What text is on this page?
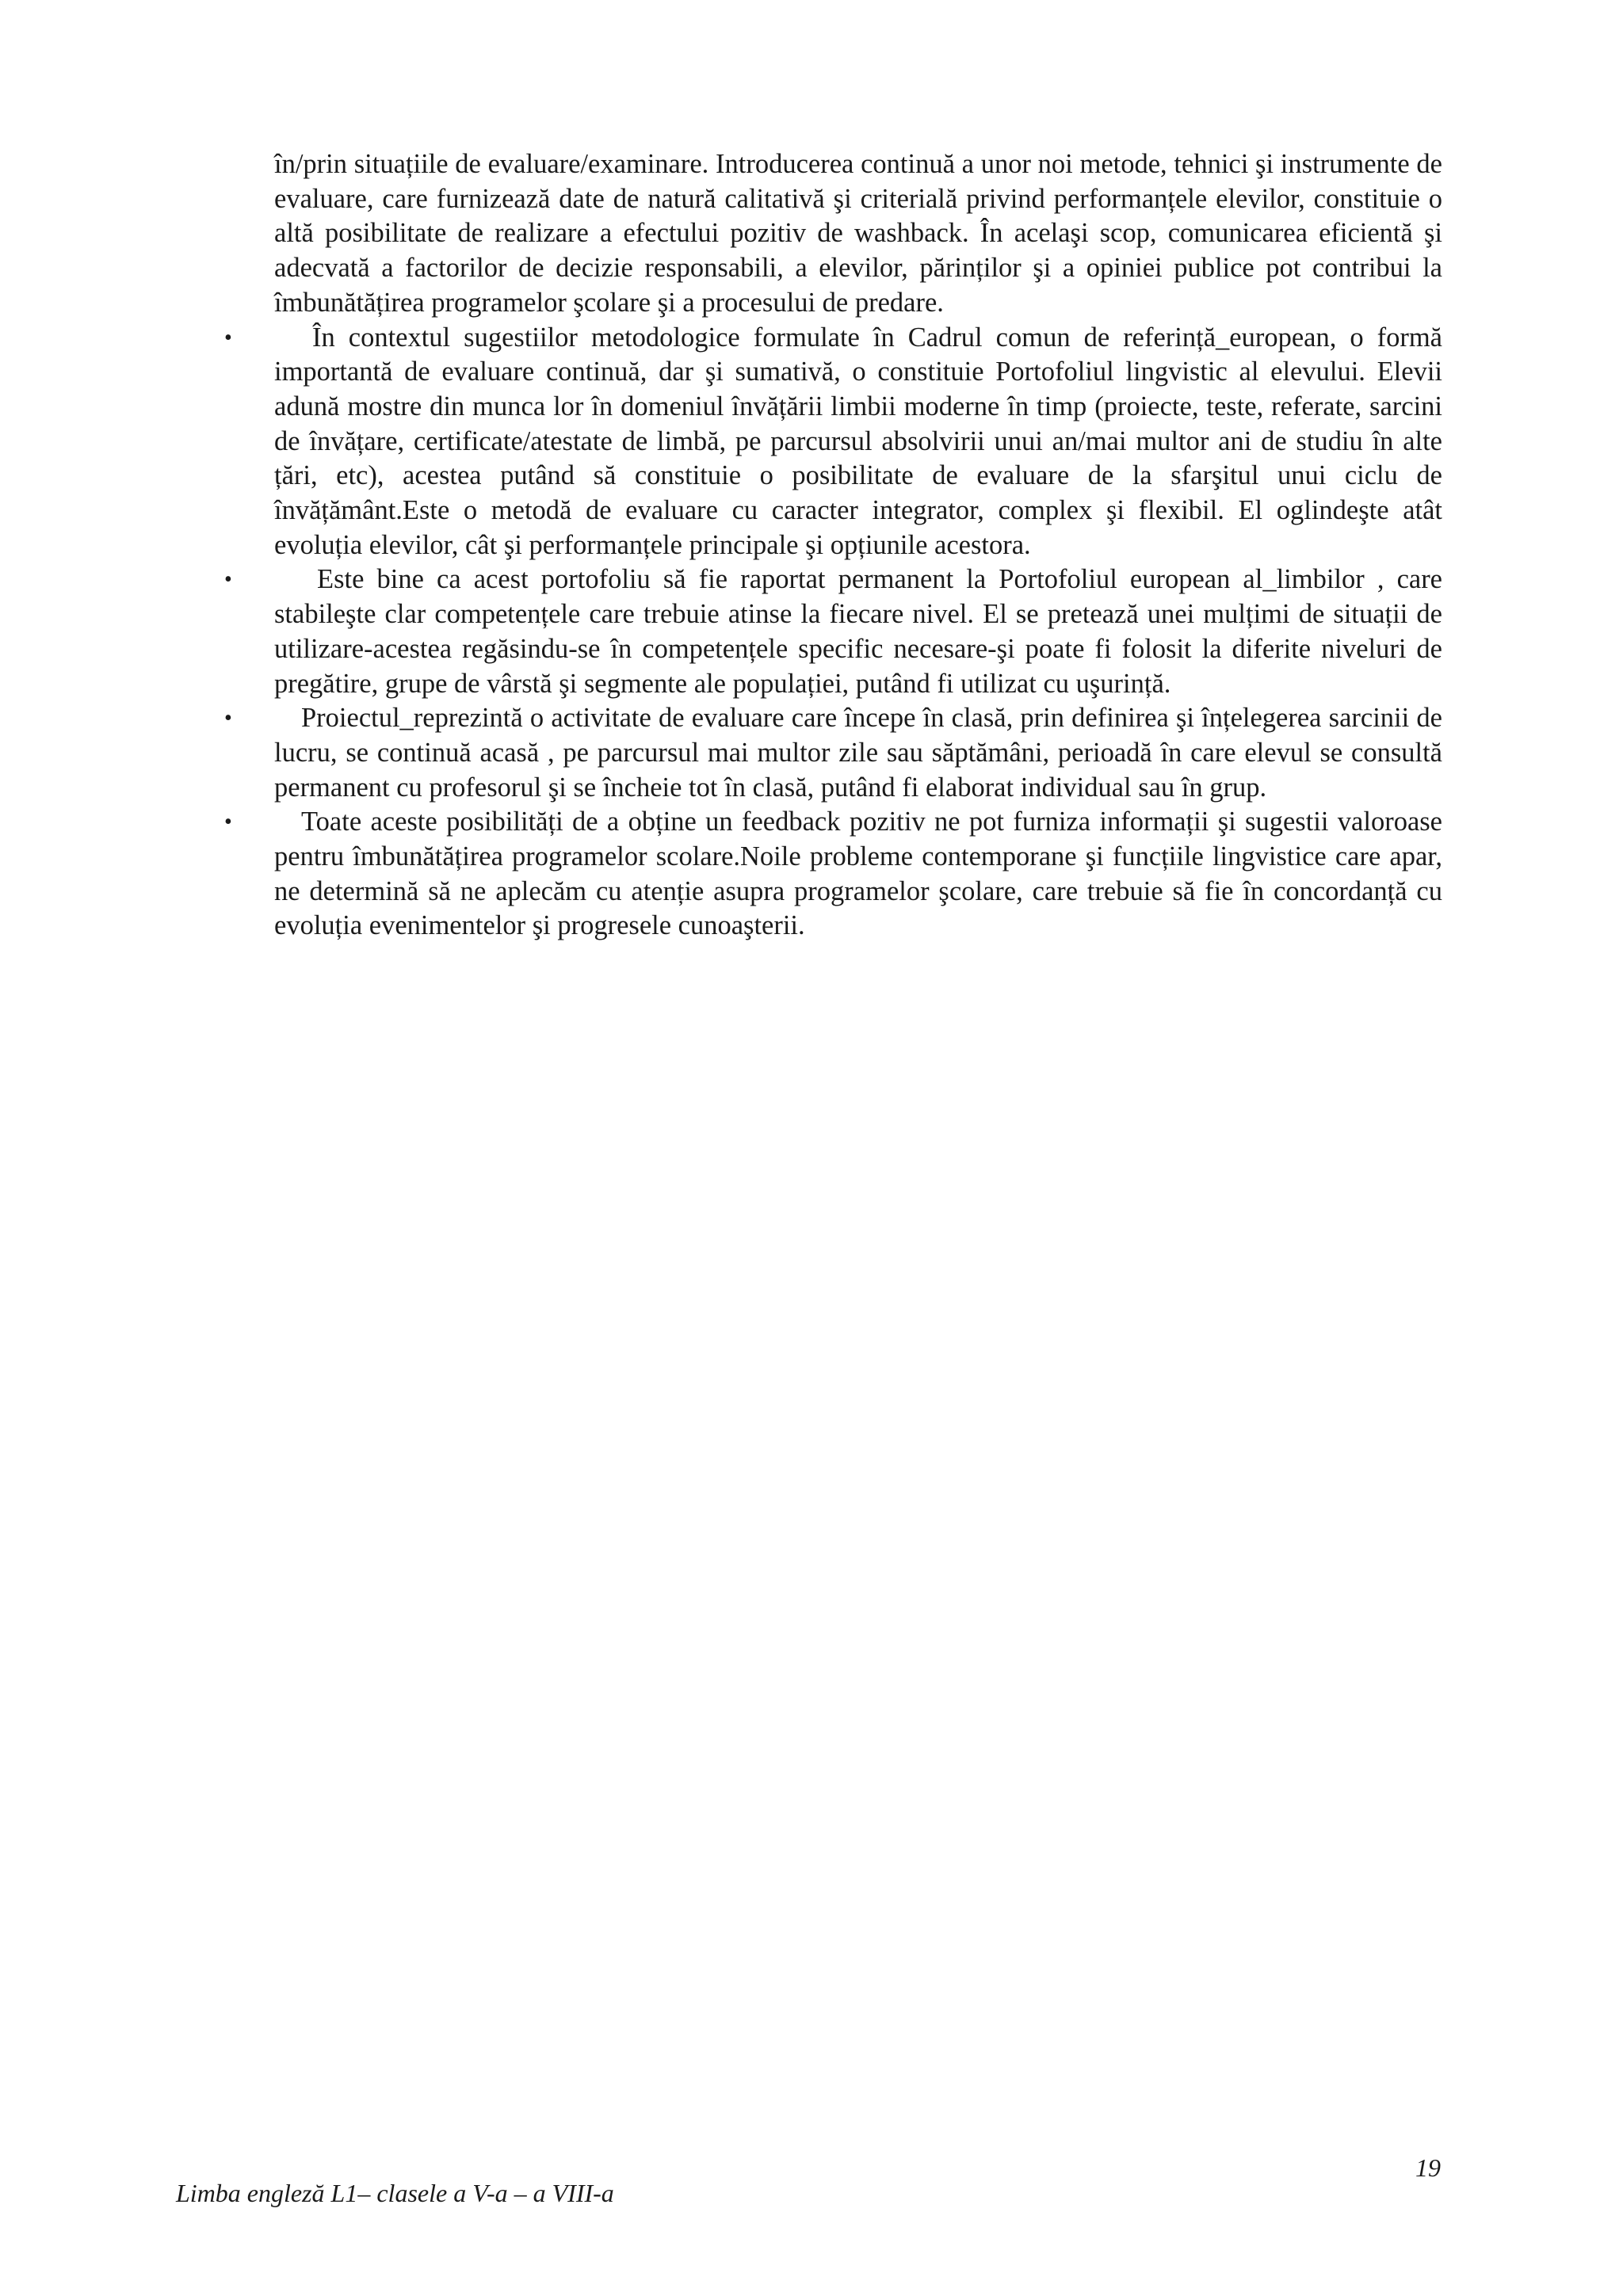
în/prin situațiile de evaluare/examinare. Introducerea continuă a unor noi metode, tehnici şi instrumente de evaluare, care furnizează date de natură calitativă şi criterială privind performanțele elevilor, constituie o altă posibilitate de realizare a efectului pozitiv de washback. În acelaşi scop, comunicarea eficientă şi adecvată a factorilor de decizie responsabili, a elevilor, părinților şi a opiniei publice pot contribui la îmbunătățirea programelor şcolare şi a procesului de predare.

•	În contextul sugestiilor metodologice formulate în Cadrul comun de referință_european, o formă importantă de evaluare continuă, dar şi sumativă, o constituie Portofoliul lingvistic al elevului. Elevii adună mostre din munca lor în domeniul învățării limbii moderne în timp (proiecte, teste, referate, sarcini de învățare, certificate/atestate de limbă, pe parcursul absolvirii unui an/mai multor ani de studiu în alte țări, etc), acestea putând să constituie o posibilitate de evaluare de la sfarşitul unui ciclu de învățământ.Este o metodă de evaluare cu caracter integrator, complex şi flexibil. El oglindeşte atât evoluția elevilor, cât şi performanțele principale şi opțiunile acestora.

•	Este bine ca acest portofoliu să fie raportat permanent la Portofoliul european al_limbilor , care stabileşte clar competențele care trebuie atinse la fiecare nivel. El se pretează unei mulțimi de situații de utilizare-acestea regăsindu-se în competențele specific necesare-şi poate fi folosit la diferite niveluri de pregătire, grupe de vârstă şi segmente ale populației, putând fi utilizat cu uşurință.

•	Proiectul_reprezintă o activitate de evaluare care începe în clasă, prin definirea şi înțelegerea sarcinii de lucru, se continuă acasă , pe parcursul mai multor zile sau săptămâni, perioadă în care elevul se consultă permanent cu profesorul şi se încheie tot în clasă, putând fi elaborat individual sau în grup.

•	Toate aceste posibilități de a obține un feedback pozitiv ne pot furniza informații şi sugestii valoroase pentru îmbunătățirea programelor scolare.Noile probleme contemporane şi funcțiile lingvistice care apar, ne determină să ne aplecăm cu atenție asupra programelor şcolare, care trebuie să fie în concordanță cu evoluția evenimentelor şi progresele cunoaşterii.

19
Limba engleză L1– clasele a V-a – a VIII-a
